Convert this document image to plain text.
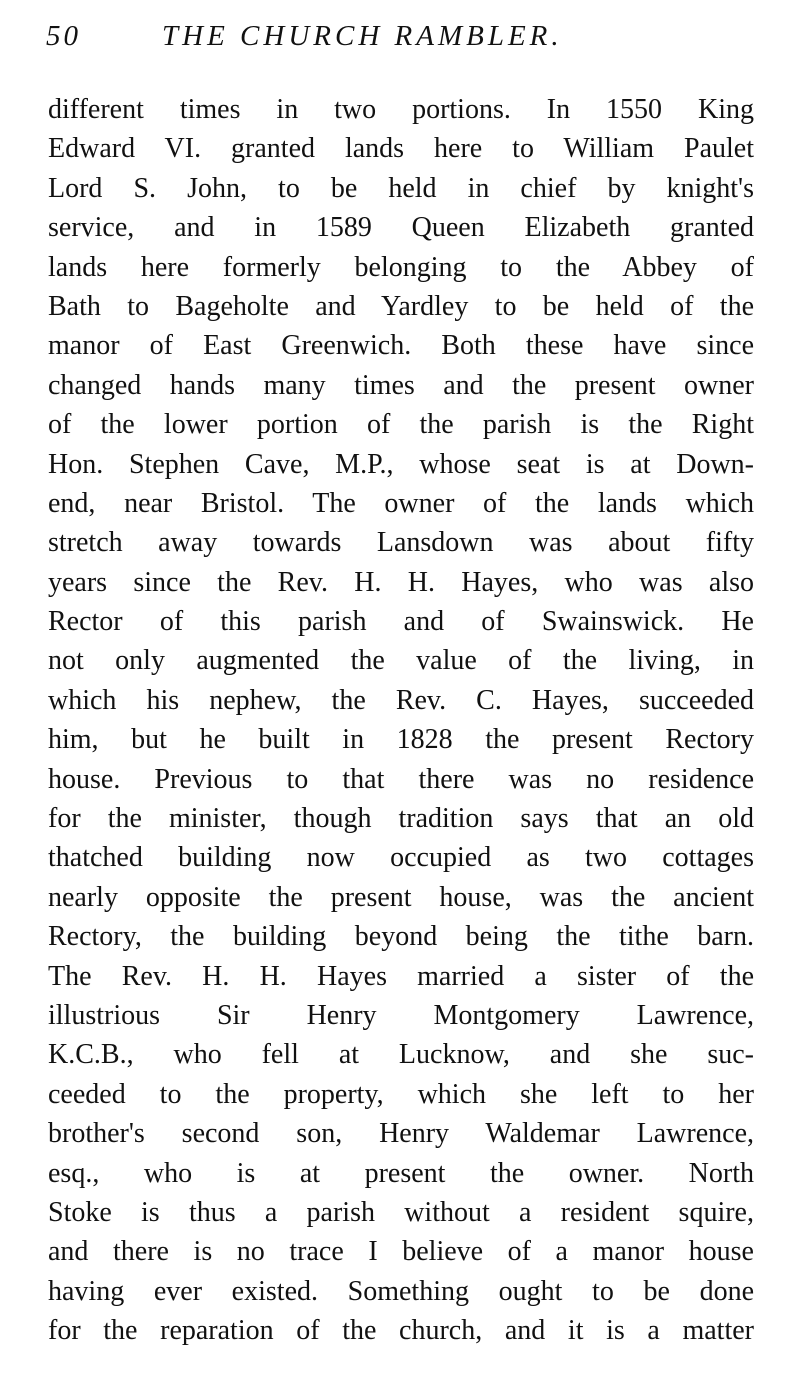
50	THE CHURCH RAMBLER.
different times in two portions. In 1550 King
Edward VI. granted lands here to William Paulet
Lord S. John, to be held in chief by knight's
service, and in 1589 Queen Elizabeth granted
lands here formerly belonging to the Abbey of
Bath to Bageholte and Yardley to be held of the
manor of East Greenwich. Both these have since
changed hands many times and the present owner
of the lower portion of the parish is the Right
Hon. Stephen Cave, M.P., whose seat is at Down-
end, near Bristol. The owner of the lands which
stretch away towards Lansdown was about fifty
years since the Rev. H. H. Hayes, who was also
Rector of this parish and of Swainswick. He
not only augmented the value of the living, in
which his nephew, the Rev. C. Hayes, succeeded
him, but he built in 1828 the present Rectory
house. Previous to that there was no residence
for the minister, though tradition says that an old
thatched building now occupied as two cottages
nearly opposite the present house, was the ancient
Rectory, the building beyond being the tithe barn.
The Rev. H. H. Hayes married a sister of the
illustrious Sir Henry Montgomery Lawrence,
K.C.B., who fell at Lucknow, and she suc-
ceeded to the property, which she left to her
brother's second son, Henry Waldemar Lawrence,
esq., who is at present the owner. North
Stoke is thus a parish without a resident squire,
and there is no trace I believe of a manor house
having ever existed. Something ought to be done
for the reparation of the church, and it is a matter
